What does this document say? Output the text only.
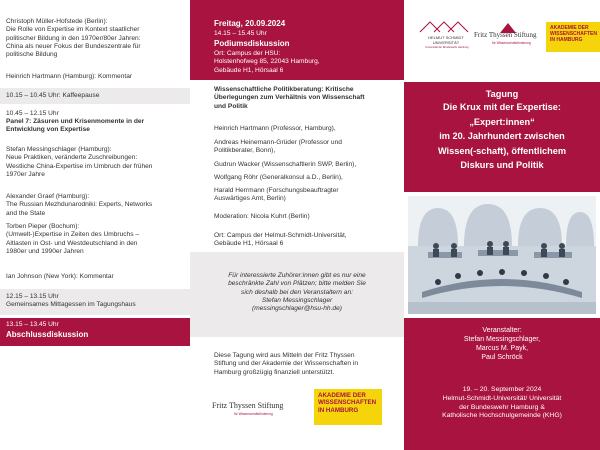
Christoph Müller-Hofstede (Berlin):
Die Rolle von Expertise im Kontext staatlicher
politischer Bildung in den 1970er/80er Jahren:
China als neuer Fokus der Bundeszentrale für
politische Bildung
Heinrich Hartmann (Hamburg): Kommentar
10.15 – 10.45 Uhr: Kaffeepause
10.45 – 12.15 Uhr
Panel 7: Zäsuren und Krisenmomente in der
Entwicklung von Expertise
Stefan Messingschlager (Hamburg):
Neue Praktiken, veränderte Zuschreibungen:
Westliche China-Expertise im Umbruch der frühen
1970er Jahre
Alexander Graef (Hamburg):
The Russian Mezhdunarodniki: Experts, Networks
and the State
Torben Pieper (Bochum):
(Umwelt-)Expertise in Zeiten des Umbruchs –
Altlasten in Ost- und Westdeutschland in den
1980er und 1990er Jahren
Ian Johnson (New York): Kommentar
12.15 – 13.15 Uhr
Gemeinsames Mittagessen im Tagungshaus
13.15 – 13.45 Uhr
Abschlussdiskussion
Freitag, 20.09.2024
14.15 – 15.45 Uhr
Podiumsdiskussion
Ort: Campus der HSU:
Holstenhofweg 85, 22043 Hamburg,
Gebäude H1, Hörsaal 6
Wissenschaftliche Politikberatung: Kritische
Überlegungen zum Verhältnis von Wissenschaft
und Politik
Heinrich Hartmann (Professor, Hamburg),
Andreas Heinemann-Grüder (Professor und
Politikberater, Bonn),
Gudrun Wacker (Wissenschaftlerin SWP, Berlin),
Wolfgang Röhr (Generalkonsul a.D., Berlin),
Harald Herrmann (Forschungsbeauftragter
Auswärtiges Amt, Berlin)
Moderation: Nicola Kuhrt (Berlin)
Ort: Campus der Helmut-Schmidt-Universität,
Gebäude H1, Hörsaal 6
Für interessierte Zuhörer:innen gibt es nur eine
beschränkte Zahl von Plätzen; bitte melden Sie
sich deshalb bei den Veranstaltern an:
Stefan Messingschlager
(messingschlager@hsu-hh.de)
Diese Tagung wird aus Mitteln der Fritz Thyssen
Stiftung und der Akademie der Wissenschaften in
Hamburg großzügig finanziell unterstützt.
Fritz Thyssen Stiftung
für Wissenschaftsförderung
AKADEMIE DER
WISSENSCHAFTEN
IN HAMBURG
HELMUT SCHMIDT
UNIVERSITÄT
Universität der Bundeswehr Hamburg
Fritz Thyssen Stiftung
für Wissenschaftsförderung
AKADEMIE DER
WISSENSCHAFTEN
IN HAMBURG
Tagung
Die Krux mit der Expertise:
„Expert:innen“
im 20. Jahrhundert zwischen
Wissen(-schaft), öffentlichem
Diskurs und Politik
Veranstalter:
Stefan Messingschlager,
Marcus M. Payk,
Paul Schröck
19. – 20. September 2024
Helmut-Schmidt-Universität/ Universität
der Bundeswehr Hamburg &
Katholische Hochschulgemeinde (KHG)
